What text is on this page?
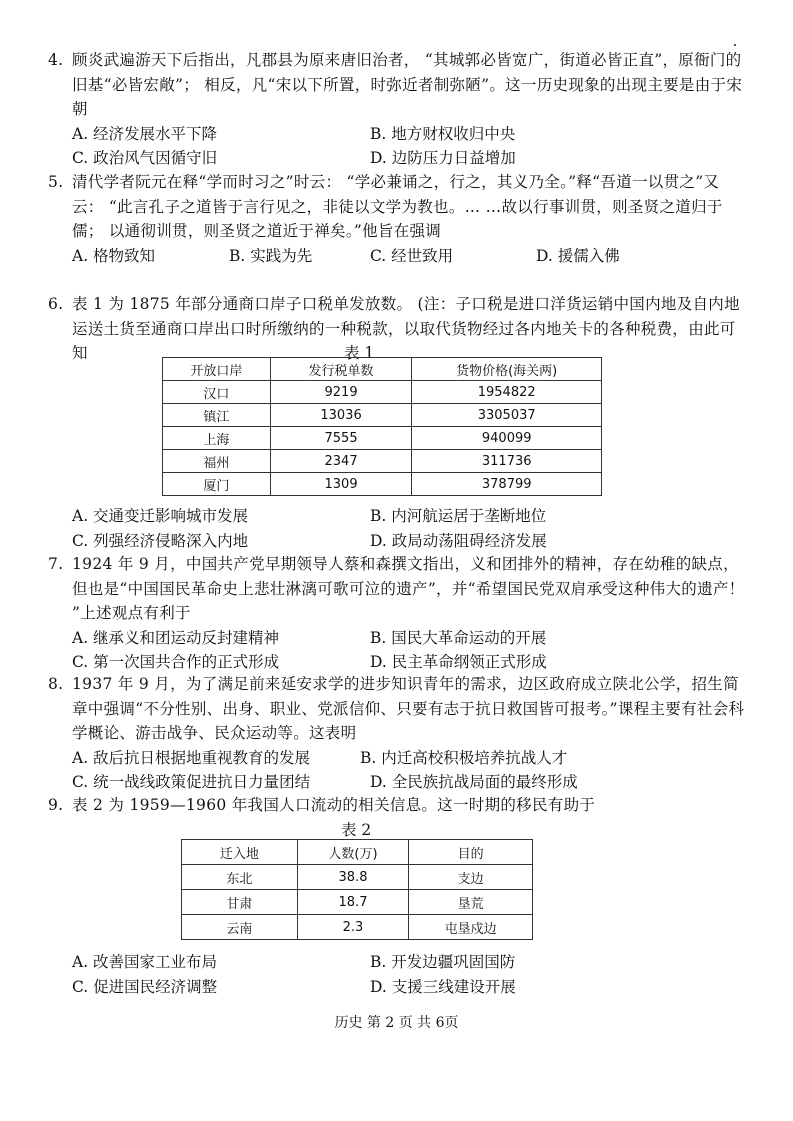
4. 顾炎武遍游天下后指出，凡郡县为原来唐旧治者， “其城郭必皆宽广，街道必皆正直”，原衙门的旧基“必皆宏敞”； 相反，凡“宋以下所置，时弥近者制弥陋”。这一历史现象的出现主要是由于宋朝
A. 经济发展水平下降	B. 地方财权收归中央
C. 政治风气因循守旧	D. 边防压力日益增加
5. 清代学者阮元在释“学而时习之”时云： “学必兼诵之，行之，其义乃全。”释“吾道一以贯之”又云： “此言孔子之道皆于言行见之，非徒以文学为教也。… …故以行事训贯，则圣贤之道归于儒； 以通彻训贯，则圣贤之道近于禅矣。”他旨在强调
A. 格物致知	B. 实践为先	C. 经世致用	D. 援儒入佛
6. 表 1 为 1875 年部分通商口岸子口税单发放数。 (注：子口税是进口洋货运销中国内地及自内地运送土货至通商口岸出口时所缴纳的一种税款，以取代货物经过各内地关卡的各种税费，由此可知	表 1
开放口岸	发行税单数	货物价格(海关两)
汉口	9219	1954822
镇江	13036	3305037
上海	7555	940099
福州	2347	311736
厦门	1309	378799
A. 交通变迁影响城市发展	B. 内河航运居于垄断地位
C. 列强经济侵略深入内地	D. 政局动荡阻碍经济发展
7. 1924 年 9 月，中国共产党早期领导人蔡和森撰文指出，义和团排外的精神，存在幼稚的缺点，但也是“中国国民革命史上悲壮淋漓可歌可泣的遗产”，并“希望国民党双肩承受这种伟大的遗产！ ”上述观点有利于
A. 继承义和团运动反封建精神	B. 国民大革命运动的开展
C. 第一次国共合作的正式形成	D. 民主革命纲领正式形成
8. 1937 年 9 月，为了满足前来延安求学的进步知识青年的需求，边区政府成立陕北公学，招生简章中强调“不分性别、出身、职业、党派信仰、只要有志于抗日救国皆可报考。”课程主要有社会科学概论、游击战争、民众运动等。这表明
A. 敌后抗日根据地重视教育的发展	B. 内迁高校积极培养抗战人才
C. 统一战线政策促进抗日力量团结	D. 全民族抗战局面的最终形成
9. 表 2 为 1959—1960 年我国人口流动的相关信息。这一时期的移民有助于
表 2
迁入地	人数(万)	目的
东北	38.8	支边
甘肃	18.7	垦荒
云南	2.3	屯垦戍边
A. 改善国家工业布局	B. 开发边疆巩固国防
C. 促进国民经济调整	D. 支援三线建设开展
历史 第 2 页 共 6页
